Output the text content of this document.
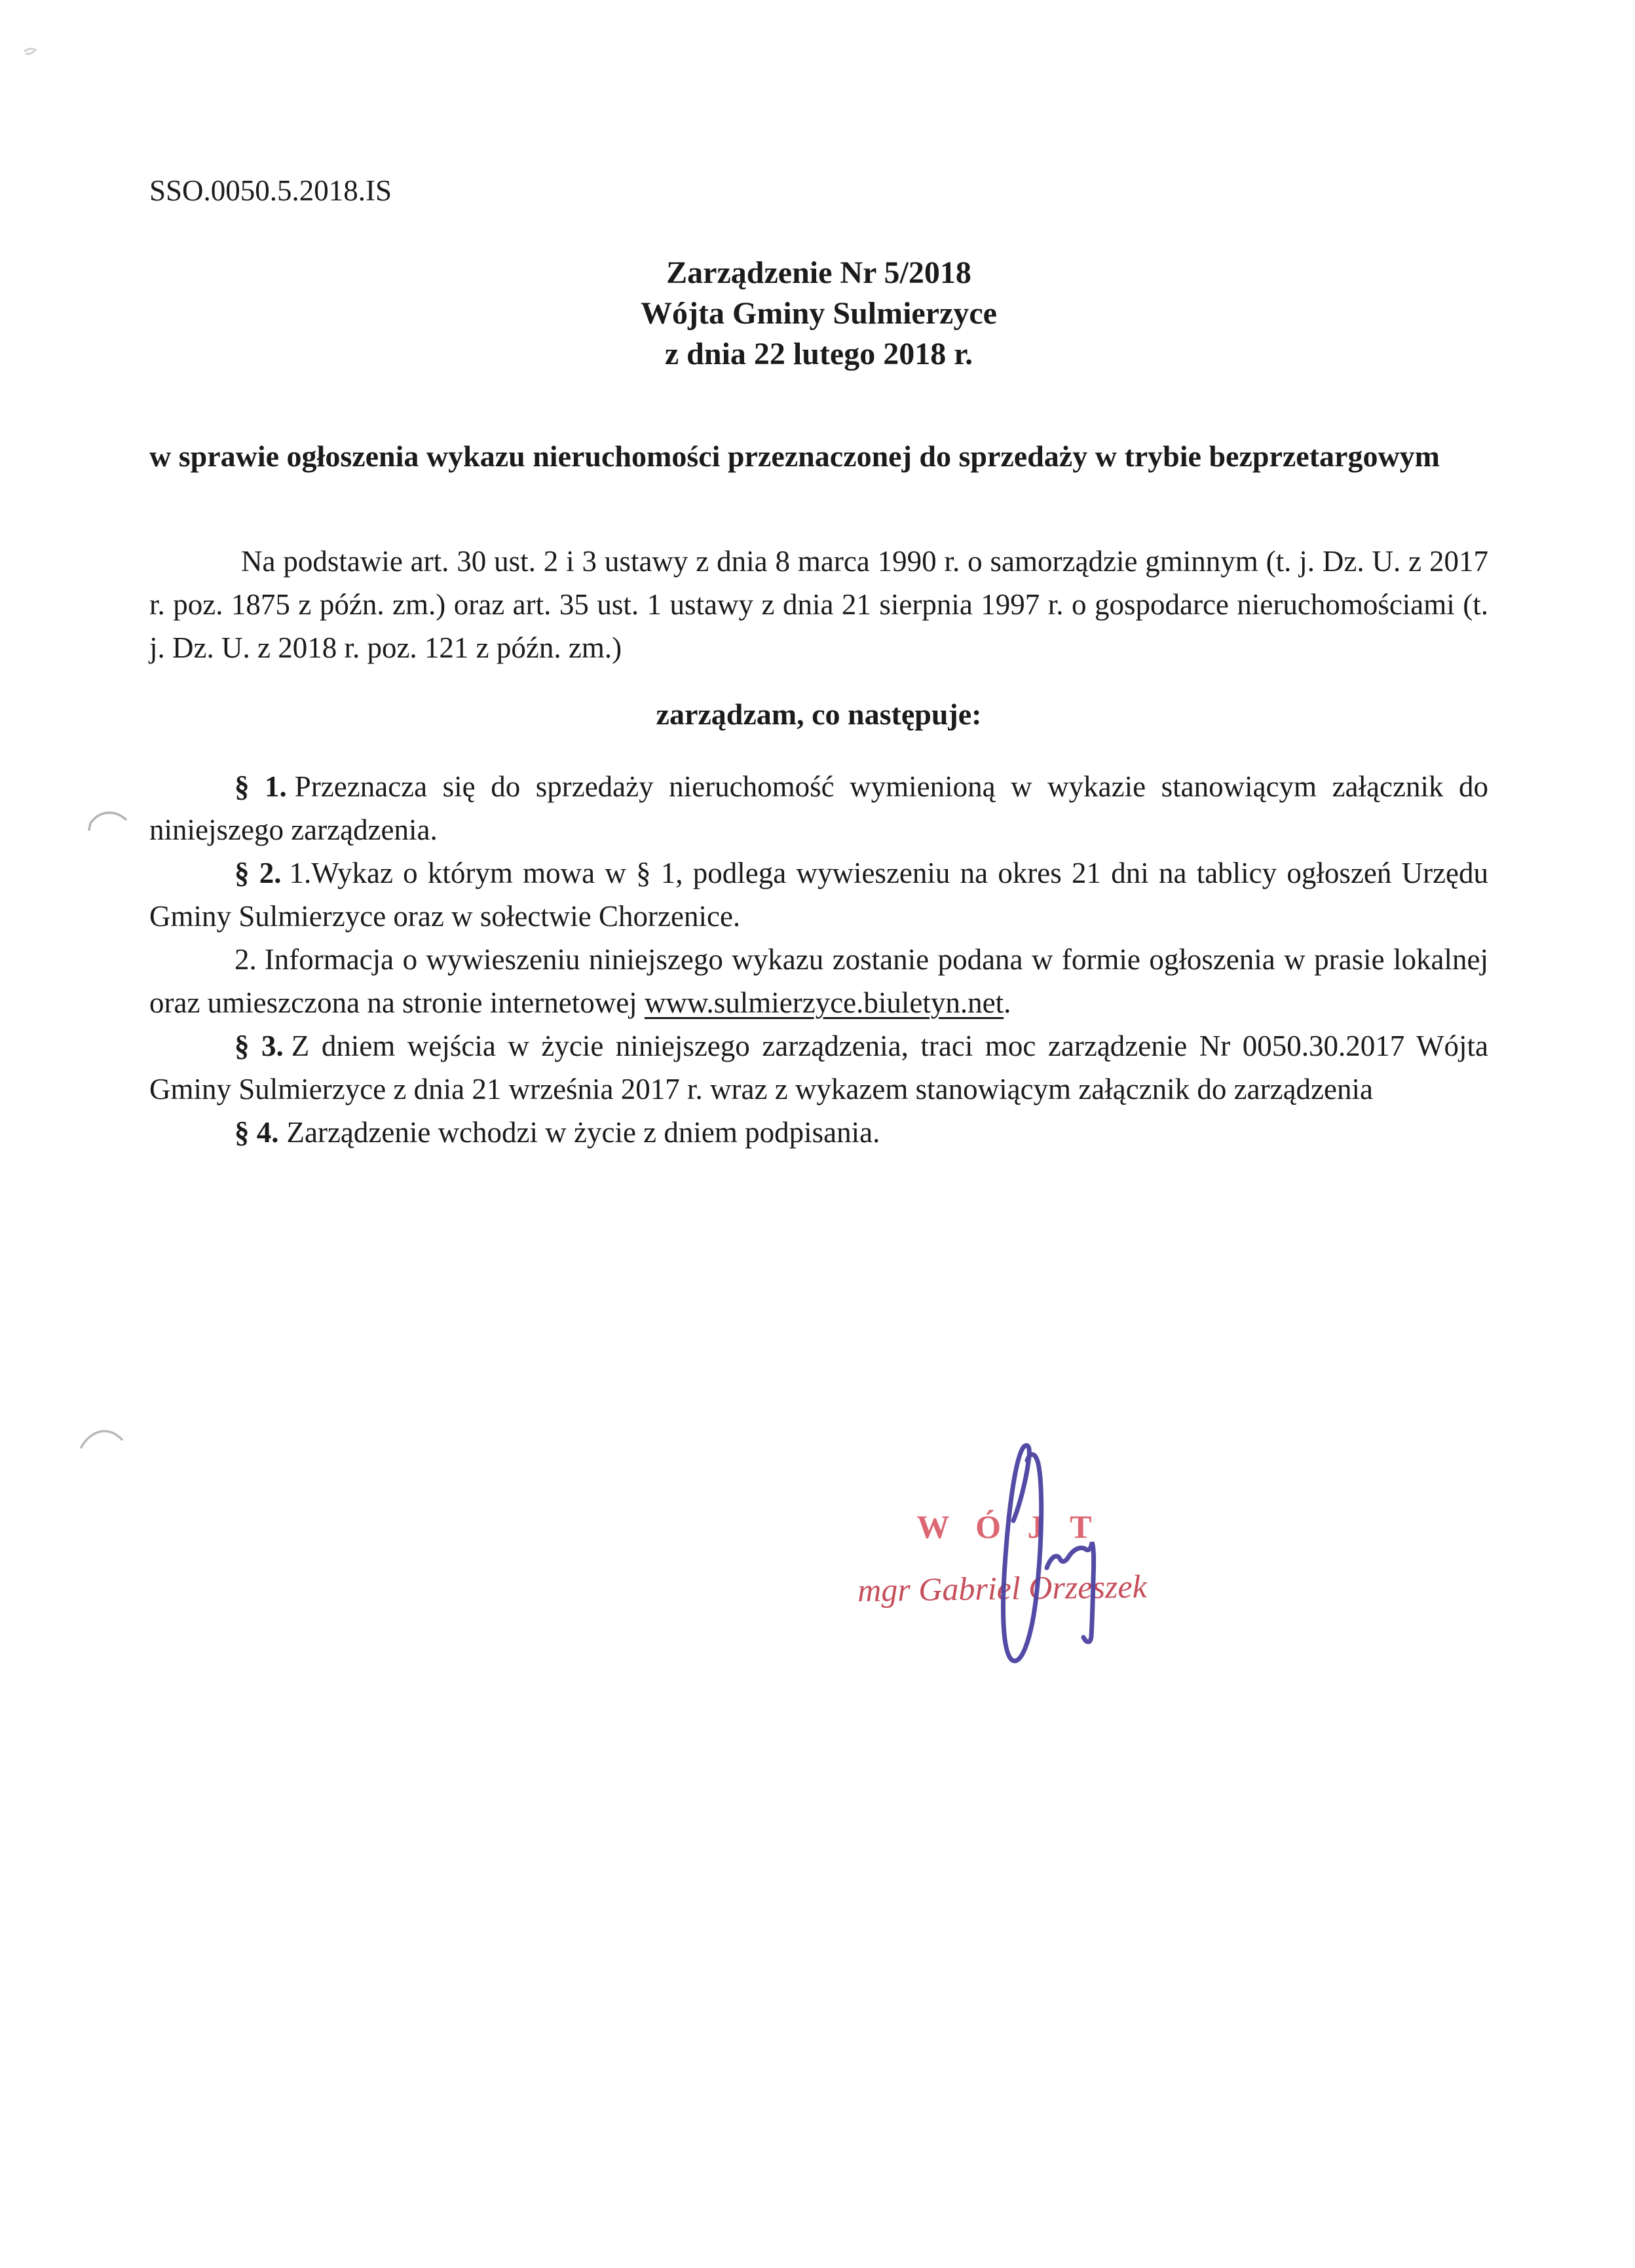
SSO.0050.5.2018.IS
Zarządzenie Nr 5/2018
Wójta Gminy Sulmierzyce
z dnia 22 lutego 2018 r.

w sprawie ogłoszenia wykazu nieruchomości przeznaczonej do sprzedaży w trybie bezprzetargowym

Na podstawie art. 30 ust. 2 i 3 ustawy z dnia 8 marca 1990 r. o samorządzie gminnym (t. j. Dz. U. z 2017 r. poz. 1875 z późn. zm.) oraz art. 35 ust. 1 ustawy z dnia 21 sierpnia 1997 r. o gospodarce nieruchomościami (t. j. Dz. U. z 2018 r. poz. 121 z późn. zm.)

zarządzam, co następuje:

§ 1. Przeznacza się do sprzedaży nieruchomość wymienioną w wykazie stanowiącym załącznik do niniejszego zarządzenia.

§ 2. 1.Wykaz o którym mowa w § 1, podlega wywieszeniu na okres 21 dni na tablicy ogłoszeń Urzędu Gminy Sulmierzyce oraz w sołectwie Chorzenice.

2. Informacja o wywieszeniu niniejszego wykazu zostanie podana w formie ogłoszenia w prasie lokalnej oraz umieszczona na stronie internetowej www.sulmierzyce.biuletyn.net.

§ 3. Z dniem wejścia w życie niniejszego zarządzenia, traci moc zarządzenie Nr 0050.30.2017 Wójta Gminy Sulmierzyce z dnia 21 września 2017 r. wraz z wykazem stanowiącym załącznik do zarządzenia

§ 4. Zarządzenie wchodzi w życie z dniem podpisania.

W Ó J T
mgr Gabriel Orzeszek
